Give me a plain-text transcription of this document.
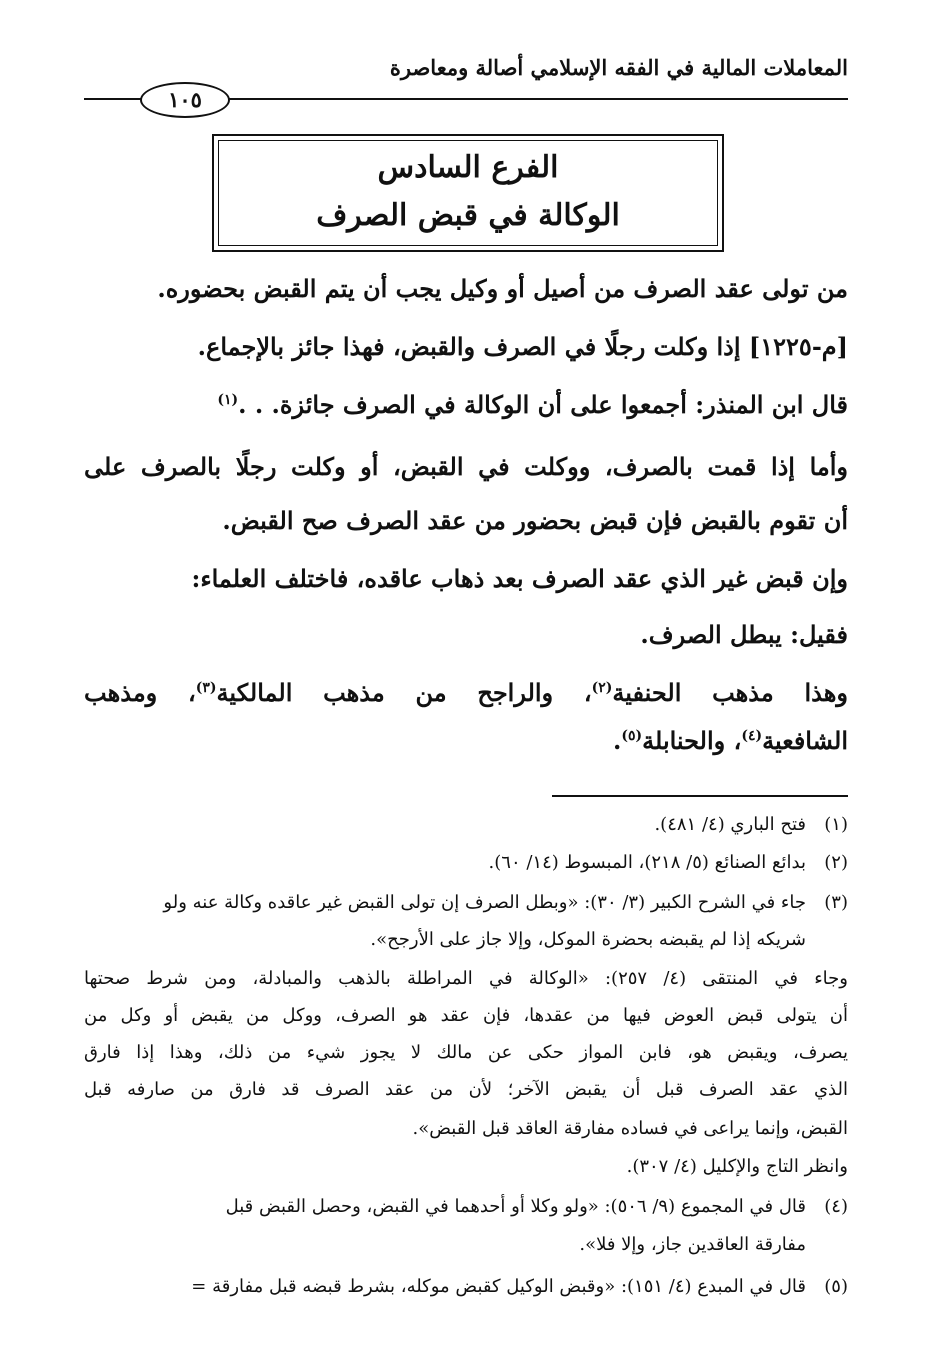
المعاملات المالية في الفقه الإسلامي أصالة ومعاصرة
١٠٥
الفرع السادس
الوكالة في قبض الصرف
من تولى عقد الصرف من أصيل أو وكيل يجب أن يتم القبض بحضوره.
[م-١٢٢٥] إذا وكلت رجلًا في الصرف والقبض، فهذا جائز بالإجماع.
قال ابن المنذر: أجمعوا على أن الوكالة في الصرف جائزة. . .$^{(١)}$
وأما إذا قمت بالصرف، ووكلت في القبض، أو وكلت رجلًا بالصرف على
أن تقوم بالقبض فإن قبض بحضور من عقد الصرف صح القبض.
وإن قبض غير الذي عقد الصرف بعد ذهاب عاقده، فاختلف العلماء:
فقيل: يبطل الصرف.
وهذا مذهب الحنفية$^{(٢)}$، والراجح من مذهب المالكية$^{(٣)}$، ومذهب
الشافعية$^{(٤)}$، والحنابلة$^{(٥)}$.
(١)فتح الباري (٤/ ٤٨١).
(٢)بدائع الصنائع (٥/ ٢١٨)، المبسوط (١٤/ ٦٠).
(٣)جاء في الشرح الكبير (٣/ ٣٠): «وبطل الصرف إن تولى القبض غير عاقده وكالة عنه ولو
شريكه إذا لم يقبضه بحضرة الموكل، وإلا جاز على الأرجح».
وجاء في المنتقى (٤/ ٢٥٧): «الوكالة في المراطلة بالذهب والمبادلة، ومن شرط صحتها
أن يتولى قبض العوض فيها من عقدها، فإن عقد هو الصرف، ووكل من يقبض أو وكل من
يصرف، ويقبض هو، فابن المواز حكى عن مالك لا يجوز شيء من ذلك، وهذا إذا فارق
الذي عقد الصرف قبل أن يقبض الآخر؛ لأن من عقد الصرف قد فارق من صارفه قبل
القبض، وإنما يراعى في فساده مفارقة العاقد قبل القبض».
وانظر التاج والإكليل (٤/ ٣٠٧).
(٤)قال في المجموع (٩/ ٥٠٦): «ولو وكلا أو أحدهما في القبض، وحصل القبض قبل
مفارقة العاقدين جاز، وإلا فلا».
(٥)قال في المبدع (٤/ ١٥١): «وقبض الوكيل كقبض موكله، بشرط قبضه قبل مفارقة =
